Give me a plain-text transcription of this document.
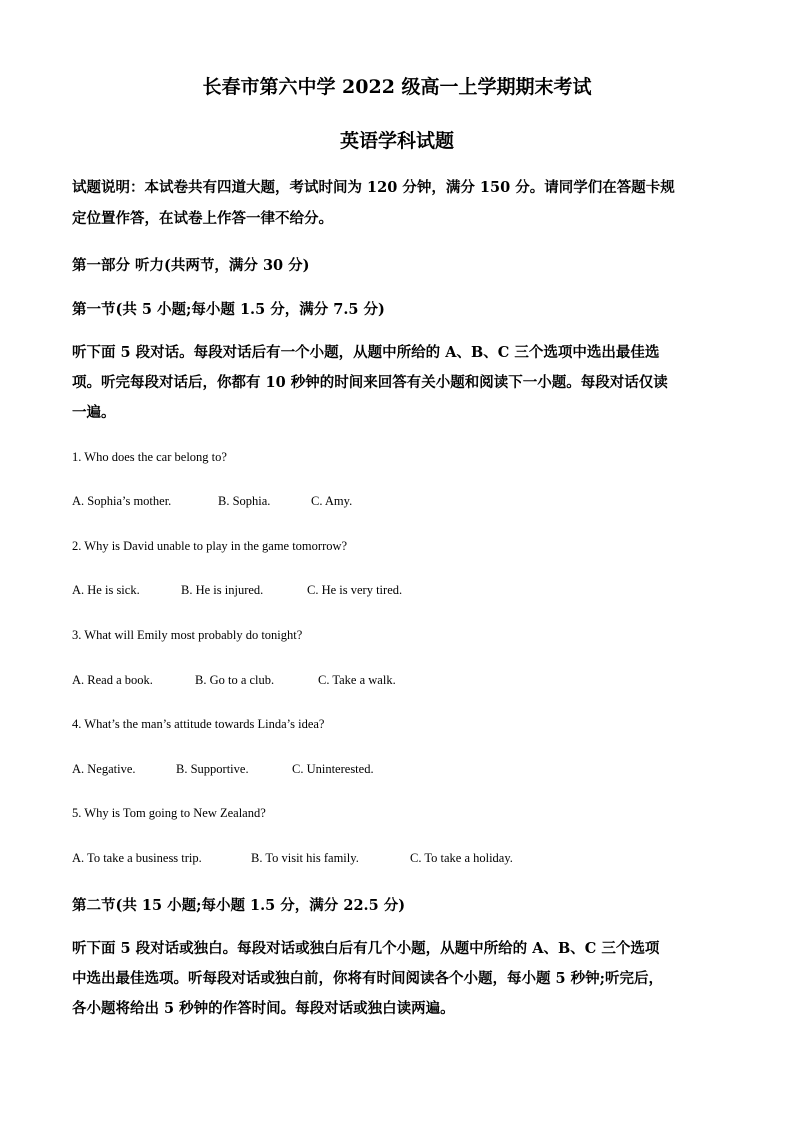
长春市第六中学 2022 级高一上学期期末考试
英语学科试题
试题说明：本试卷共有四道大题，考试时间为 120 分钟，满分 150 分。请同学们在答题卡规
定位置作答，在试卷上作答一律不给分。

第一部分 听力(共两节，满分 30 分)

第一节(共 5 小题;每小题 1.5 分，满分 7.5 分)

听下面 5 段对话。每段对话后有一个小题，从题中所给的 A、B、C 三个选项中选出最佳选
项。听完每段对话后，你都有 10 秒钟的时间来回答有关小题和阅读下一小题。每段对话仅读
一遍。

1. Who does the car belong to?

A. Sophia’s mother.	B. Sophia.	C. Amy.

2. Why is David unable to play in the game tomorrow?

A. He is sick.	B. He is injured.	C. He is very tired.

3. What will Emily most probably do tonight?

A. Read a book.	B. Go to a club.	C. Take a walk.

4. What’s the man’s attitude towards Linda’s idea?

A. Negative.	B. Supportive.	C. Uninterested.

5. Why is Tom going to New Zealand?

A. To take a business trip.	B. To visit his family.	C. To take a holiday.

第二节(共 15 小题;每小题 1.5 分，满分 22.5 分)

听下面 5 段对话或独白。每段对话或独白后有几个小题，从题中所给的 A、B、C 三个选项
中选出最佳选项。听每段对话或独白前，你将有时间阅读各个小题，每小题 5 秒钟;听完后，
各小题将给出 5 秒钟的作答时间。每段对话或独白读两遍。
